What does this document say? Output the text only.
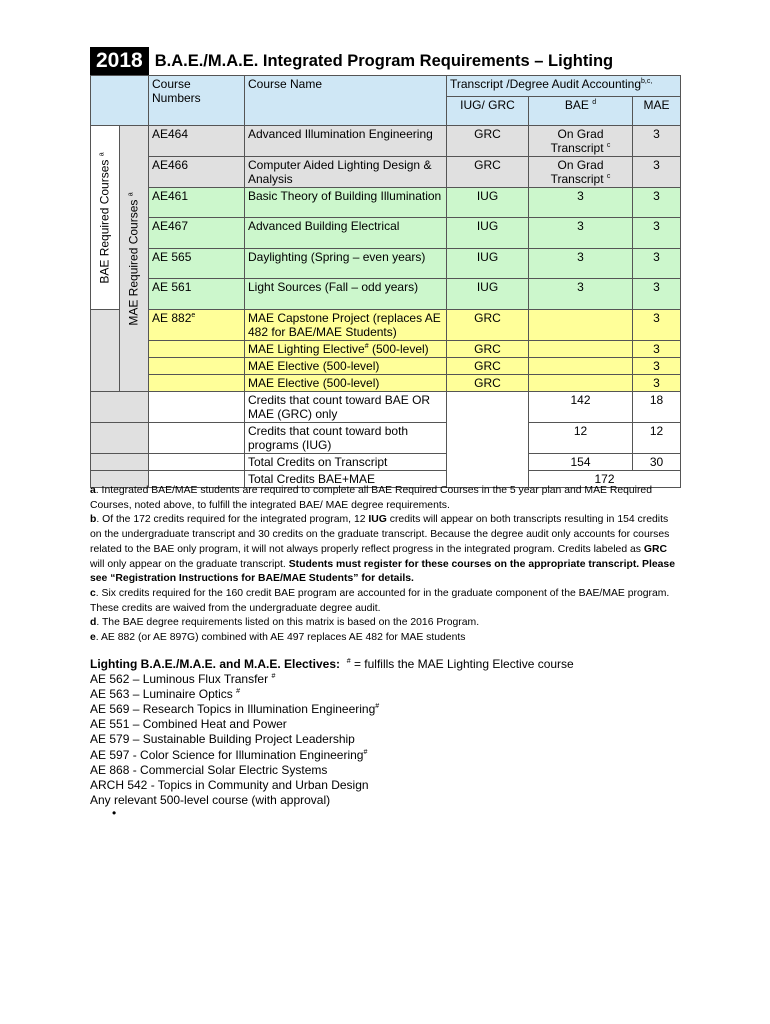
2018 B.A.E./M.A.E. Integrated Program Requirements – Lighting
		Course Numbers	Course Name	Transcript /Degree Audit Accounting$^{b,c,}$
				IUG/ GRC	BAE $^d$	MAE

BAE Required Courses $^a$	MAE Required Courses $^a$	AE464	Advanced Illumination Engineering	GRC	On Grad Transcript $^c$	3
		AE466	Computer Aided Lighting Design & Analysis	GRC	On Grad Transcript $^c$	3
		AE461	Basic Theory of Building Illumination	IUG	3	3
		AE467	Advanced Building Electrical	IUG	3	3
		AE 565	Daylighting (Spring – even years)	IUG	3	3
		AE 561	Light Sources (Fall – odd years)	IUG	3	3
		AE 882e	MAE Capstone Project (replaces AE 482 for BAE/MAE Students)	GRC		3
			MAE Lighting Elective# (500-level)	GRC		3
			MAE Elective (500-level)	GRC		3
			MAE Elective (500-level)	GRC		3
			Credits that count toward BAE OR MAE (GRC) only		142	18
			Credits that count toward both programs (IUG)		12	12
			Total Credits on Transcript		154	30
			Total Credits BAE+MAE		172	

a. Integrated BAE/MAE students are required to complete all BAE Required Courses in the 5 year plan and MAE Required Courses, noted above, to fulfill the integrated BAE/ MAE degree requirements.

b. Of the 172 credits required for the integrated program, 12 IUG credits will appear on both transcripts resulting in 154 credits on the undergraduate transcript and 30 credits on the graduate transcript. Because the degree audit only accounts for courses related to the BAE only program, it will not always properly reflect progress in the integrated program. Credits labeled as GRC will only appear on the graduate transcript. Students must register for these courses on the appropriate transcript. Please see “Registration Instructions for BAE/MAE Students” for details.

c. Six credits required for the 160 credit BAE program are accounted for in the graduate component of the BAE/MAE program. These credits are waived from the undergraduate degree audit.

d. The BAE degree requirements listed on this matrix is based on the 2016 Program.

e. AE 882 (or AE 897G) combined with AE 497 replaces AE 482 for MAE students

Lighting B.A.E./M.A.E. and M.A.E. Electives: # = fulfills the MAE Lighting Elective course

AE 562 – Luminous Flux Transfer #

AE 563 – Luminaire Optics #

AE 569 – Research Topics in Illumination Engineering#

AE 551 – Combined Heat and Power

AE 579 – Sustainable Building Project Leadership

AE 597 - Color Science for Illumination Engineering#

AE 868 - Commercial Solar Electric Systems

ARCH 542 - Topics in Community and Urban Design

Any relevant 500-level course (with approval)

•
